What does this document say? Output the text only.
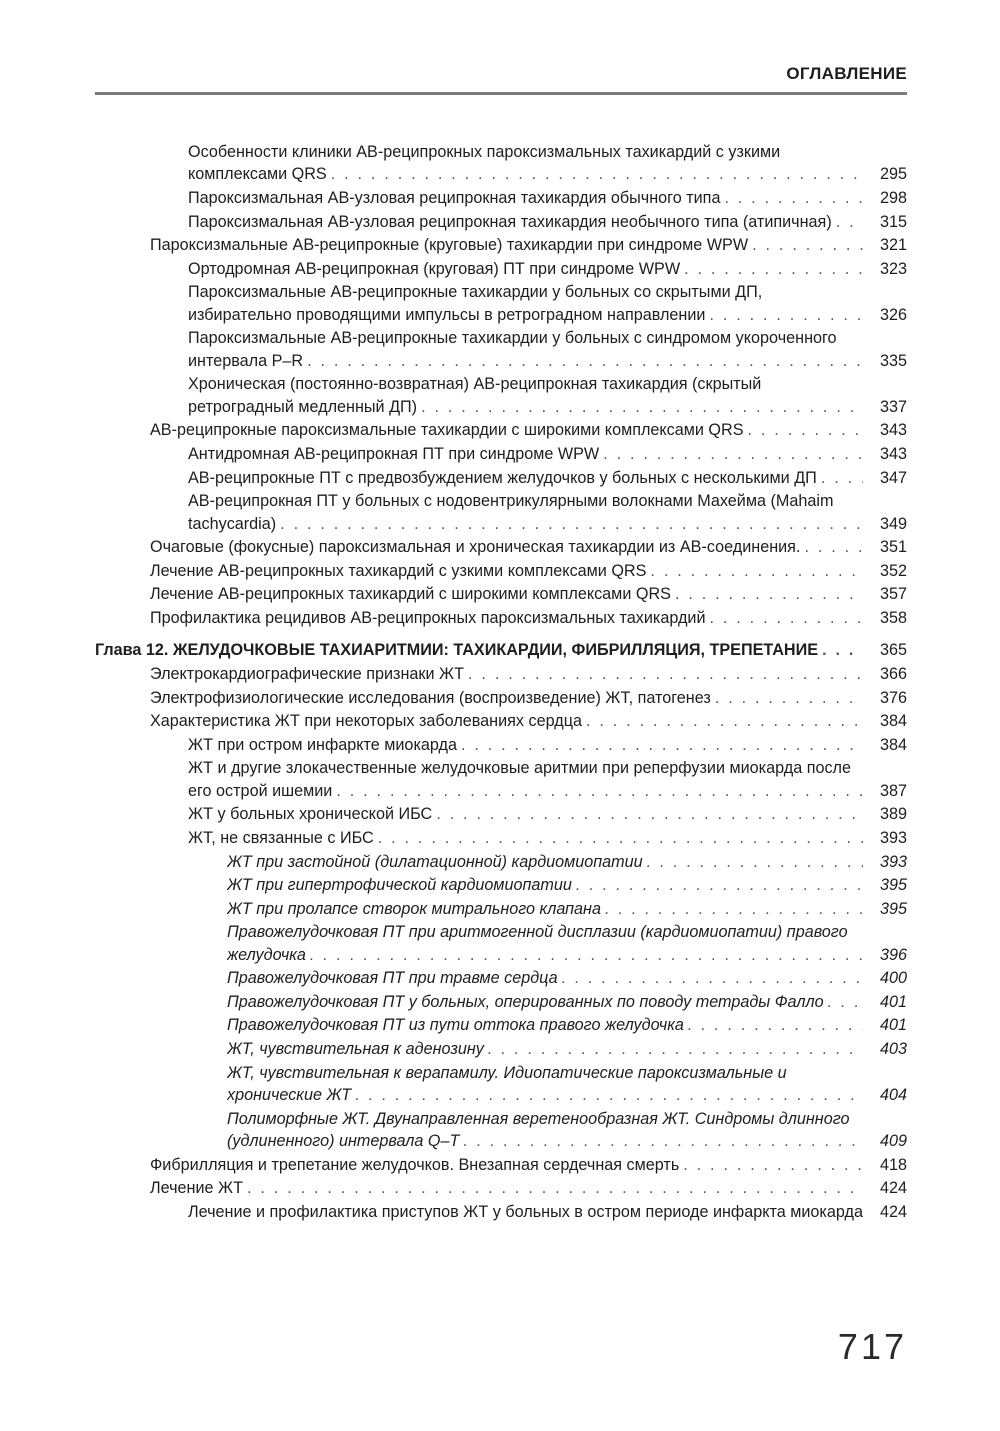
ОГЛАВЛЕНИЕ
Особенности клиники АВ-реципрокных пароксизмальных тахикардий с узкими комплексами QRS . . .	295
Пароксизмальная АВ-узловая реципрокная тахикардия обычного типа . . .	298
Пароксизмальная АВ-узловая реципрокная тахикардия необычного типа (атипичная) . . .	315
Пароксизмальные АВ-реципрокные (круговые) тахикардии при синдроме WPW . . .	321
Ортодромная АВ-реципрокная (круговая) ПТ при синдроме WPW . . .	323
Пароксизмальные АВ-реципрокные тахикардии у больных со скрытыми ДП, избирательно проводящими импульсы в ретроградном направлении . . .	326
Пароксизмальные АВ-реципрокные тахикардии у больных с синдромом укороченного интервала P–R . . .	335
Хроническая (постоянно-возвратная) АВ-реципрокная тахикардия (скрытый ретроградный медленный ДП) . . .	337
АВ-реципрокные пароксизмальные тахикардии с широкими комплексами QRS . . .	343
Антидромная АВ-реципрокная ПТ при синдроме WPW . . .	343
АВ-реципрокные ПТ с предвозбуждением желудочков у больных с несколькими ДП . . .	347
АВ-реципрокная ПТ у больных с нодовентрикулярными волокнами Махейма (Mahaim tachycardia) . . .	349
Очаговые (фокусные) пароксизмальная и хроническая тахикардии из АВ-соединения. . . .	351
Лечение АВ-реципрокных тахикардий с узкими комплексами QRS . . .	352
Лечение АВ-реципрокных тахикардий с широкими комплексами QRS . . .	357
Профилактика рецидивов АВ-реципрокных пароксизмальных тахикардий . . .	358
Глава 12. ЖЕЛУДОЧКОВЫЕ ТАХИАРИТМИИ: ТАХИКАРДИИ, ФИБРИЛЛЯЦИЯ, ТРЕПЕТАНИЕ . . .	365
Электрокардиографические признаки ЖТ . . .	366
Электрофизиологические исследования (воспроизведение) ЖТ, патогенез . . .	376
Характеристика ЖТ при некоторых заболеваниях сердца . . .	384
ЖТ при остром инфаркте миокарда . . .	384
ЖТ и другие злокачественные желудочковые аритмии при реперфузии миокарда после его острой ишемии . . .	387
ЖТ у больных хронической ИБС . . .	389
ЖТ, не связанные с ИБС . . .	393
ЖТ при застойной (дилатационной) кардиомиопатии . . .	393
ЖТ при гипертрофической кардиомиопатии . . .	395
ЖТ при пролапсе створок митрального клапана . . .	395
Правожелудочковая ПТ при аритмогенной дисплазии (кардиомиопатии) правого желудочка . . .	396
Правожелудочковая ПТ при травме сердца . . .	400
Правожелудочковая ПТ у больных, оперированных по поводу тетрады Фалло . . .	401
Правожелудочковая ПТ из пути оттока правого желудочка . . .	401
ЖТ, чувствительная к аденозину . . .	403
ЖТ, чувствительная к верапамилу. Идиопатические пароксизмальные и хронические ЖТ . . .	404
Полиморфные ЖТ. Двунаправленная веретенообразная ЖТ. Синдромы длинного (удлиненного) интервала Q–T . . .	409
Фибрилляция и трепетание желудочков. Внезапная сердечная смерть . . .	418
Лечение ЖТ . . .	424
Лечение и профилактика приступов ЖТ у больных в остром периоде инфаркта миокарда . . .	424
717
